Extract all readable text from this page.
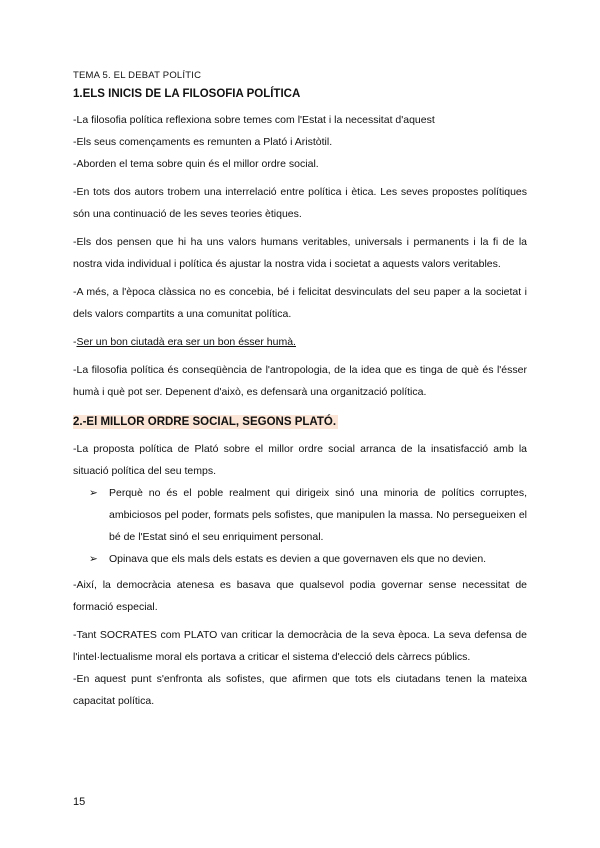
TEMA 5. EL DEBAT POLÍTIC
1.ELS INICIS DE LA FILOSOFIA POLÍTICA

-La filosofia política reflexiona sobre temes com l'Estat i la necessitat d'aquest

-Els seus començaments es remunten a Plató i Aristòtil.

-Aborden el tema sobre quin és el millor ordre social.

-En tots dos autors trobem una interrelació entre política i ètica. Les seves propostes polítiques són una continuació de les seves teories ètiques.

-Els dos pensen que hi ha uns valors humans veritables, universals i permanents i la fi de la nostra vida individual i política és ajustar la nostra vida i societat a aquests valors veritables.

-A més, a l'època clàssica no es concebia, bé i felicitat desvinculats del seu paper a la societat i dels valors compartits a una comunitat política.

-Ser un bon ciutadà era ser un bon ésser humà.

-La filosofia política és conseqüència de l'antropologia, de la idea que es tinga de què és l'ésser humà i què pot ser. Depenent d'això, es defensarà una organització política.

2.-El MILLOR ORDRE SOCIAL, SEGONS PLATÓ.

-La proposta política de Plató sobre el millor ordre social arranca de la insatisfacció amb la situació política del seu temps.

➢	Perquè no és el poble realment qui dirigeix sinó una minoria de polítics corruptes, ambiciosos pel poder, formats pels sofistes, que manipulen la massa. No persegueixen el bé de l'Estat sinó el seu enriquiment personal.
➢	Opinava que els mals dels estats es devien a que governaven els que no devien.

-Així, la democràcia atenesa es basava que qualsevol podia governar sense necessitat de formació especial.

-Tant SOCRATES com PLATO van criticar la democràcia de la seva època. La seva defensa de l'intel·lectualisme moral els portava a criticar el sistema d'elecció dels càrrecs públics.

-En aquest punt s'enfronta als sofistes, que afirmen que tots els ciutadans tenen la mateixa capacitat política.

15
